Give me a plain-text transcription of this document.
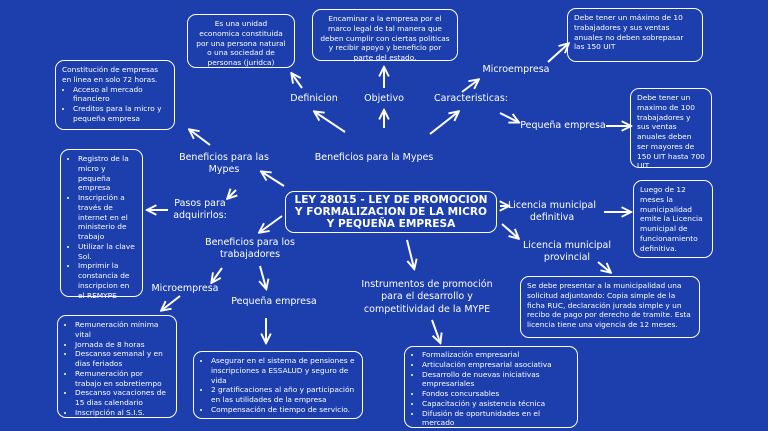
Es una unidad economica constituida por una persona natural o una sociedad de personas (juridca)
Encaminar a la empresa por el marco legal de tal manera que deben cumplir con ciertas politicas y recibir apoyo y beneficio por parte del estado.
Debe tener un máximo de 10 trabajadores y sus ventas anuales no deben sobrepasar las 150 UIT
Debe tener un maximo de 100 trabajadores y sus ventas anuales deben ser mayores de 150 UIT hasta 700 UIT
Constitución de empresas en linea en solo 72 horas.
• Acceso al mercado financiero
• Creditos para la micro y pequeña empresa
• Registro de la micro y pequeña empresa
• Inscripción a través de internet en el ministerio de trabajo
• Utilizar la clave Sol.
• Imprimir la constancia de inscripcion en el REMYPE
Luego de 12 meses la municipalidad emite la Licencia municipal de funcionamiento definitiva.
Se debe presentar a la municipalidad una solicitud adjuntando: Copia simple de la ficha RUC, declaración jurada simple y un recibo de pago por derecho de tramite. Esta licencia tiene una vigencia de 12 meses.
• Remuneración mínima vital
• Jornada de 8 horas
• Descanso semanal y en dias feriados
• Remuneración por trabajo en sobretiempo
• Descanso vacaciones de 15 dias calendario
• Inscripción al S.I.S.
• Asegurar en el sistema de pensiones e inscripciones a ESSALUD y seguro de vida
• 2 gratificaciones al año y participación en las utilidades de la empresa
• Compensación de tiempo de servicio.
• Formalización empresarial
• Articulación empresarial asociativa
• Desarrollo de nuevas iniciativas empresariales
• Fondos concursables
• Capacitación y asistencia técnica
• Difusión de oportunidades en el mercado
Definicion	Objetivo	Caracteristicas:
Microempresa
Pequeña empresa
Beneficios para las Mypes
Beneficios para la Mypes
Pasos para adquirirlos:
Beneficios para los trabajadores
Microempresa
Pequeña empresa
Licencia municipal definitiva
Licencia municipal provincial
Instrumentos de promoción para el desarrollo y competitividad de la MYPE
LEY 28015 - LEY DE PROMOCION Y FORMALIZACION DE LA MICRO Y PEQUEÑA EMPRESA
